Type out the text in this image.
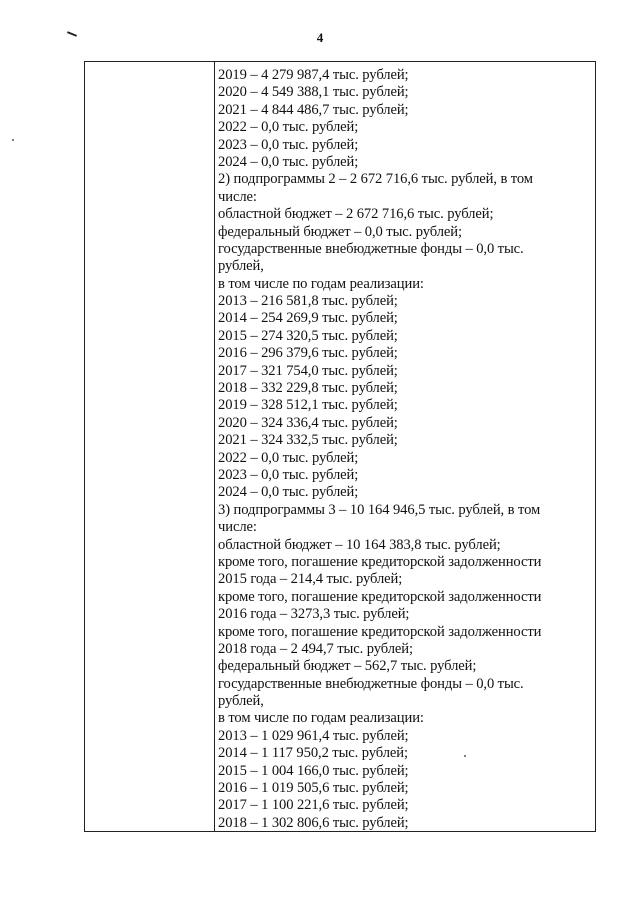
4
2019 – 4 279 987,4 тыс. рублей;
2020 – 4 549 388,1 тыс. рублей;
2021 – 4 844 486,7 тыс. рублей;
2022 – 0,0 тыс. рублей;
2023 – 0,0 тыс. рублей;
2024 – 0,0 тыс. рублей;
2) подпрограммы 2 – 2 672 716,6 тыс. рублей, в том
числе:
областной бюджет – 2 672 716,6 тыс. рублей;
федеральный бюджет – 0,0 тыс. рублей;
государственные внебюджетные фонды – 0,0 тыс.
рублей,
в том числе по годам реализации:
2013 – 216 581,8 тыс. рублей;
2014 – 254 269,9 тыс. рублей;
2015 – 274 320,5 тыс. рублей;
2016 – 296 379,6 тыс. рублей;
2017 – 321 754,0 тыс. рублей;
2018 – 332 229,8 тыс. рублей;
2019 – 328 512,1 тыс. рублей;
2020 – 324 336,4 тыс. рублей;
2021 – 324 332,5 тыс. рублей;
2022 – 0,0 тыс. рублей;
2023 – 0,0 тыс. рублей;
2024 – 0,0 тыс. рублей;
3) подпрограммы 3 – 10 164 946,5 тыс. рублей, в том
числе:
областной бюджет – 10 164 383,8 тыс. рублей;
кроме того, погашение кредиторской задолженности
2015 года – 214,4 тыс. рублей;
кроме того, погашение кредиторской задолженности
2016 года – 3273,3 тыс. рублей;
кроме того, погашение кредиторской задолженности
2018 года – 2 494,7 тыс. рублей;
федеральный бюджет – 562,7 тыс. рублей;
государственные внебюджетные фонды – 0,0 тыс.
рублей,
в том числе по годам реализации:
2013 – 1 029 961,4 тыс. рублей;
2014 – 1 117 950,2 тыс. рублей;
2015 – 1 004 166,0 тыс. рублей;
2016 – 1 019 505,6 тыс. рублей;
2017 – 1 100 221,6 тыс. рублей;
2018 – 1 302 806,6 тыс. рублей;
